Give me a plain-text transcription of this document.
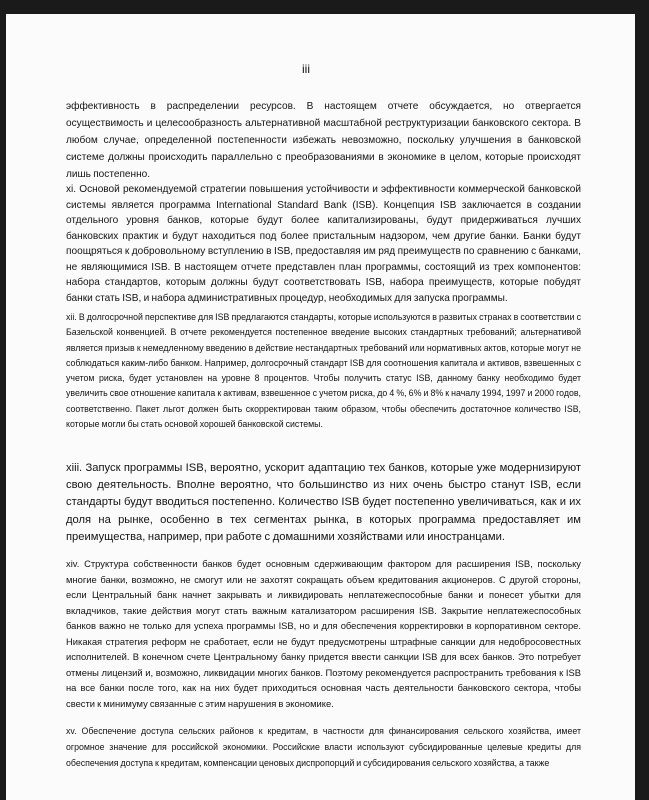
iii

эффективность в распределении ресурсов. В настоящем отчете обсуждается, но отвергается осуществимость и целесообразность альтернативной масштабной реструктуризации банковского сектора. В любом случае, определенной постепенности избежать невозможно, поскольку улучшения в банковской системе должны происходить параллельно с преобразованиями в экономике в целом, которые происходят лишь постепенно.

xi. Основой рекомендуемой стратегии повышения устойчивости и эффективности коммерческой банковской системы является программа International Standard Bank (ISB). Концепция ISB заключается в создании отдельного уровня банков, которые будут более капитализированы, будут придерживаться лучших банковских практик и будут находиться под более пристальным надзором, чем другие банки. Банки будут поощряться к добровольному вступлению в ISB, предоставляя им ряд преимуществ по сравнению с банками, не являющимися ISB. В настоящем отчете представлен план программы, состоящий из трех компонентов: набора стандартов, которым должны будут соответствовать ISB, набора преимуществ, которые побудят банки стать ISB, и набора административных процедур, необходимых для запуска программы.

xii. В долгосрочной перспективе для ISB предлагаются стандарты, которые используются в развитых странах в соответствии с Базельской конвенцией. В отчете рекомендуется постепенное введение высоких стандартных требований; альтернативой является призыв к немедленному введению в действие нестандартных требований или нормативных актов, которые могут не соблюдаться каким-либо банком. Например, долгосрочный стандарт ISB для соотношения капитала и активов, взвешенных с учетом риска, будет установлен на уровне 8 процентов. Чтобы получить статус ISB, данному банку необходимо будет увеличить свое отношение капитала к активам, взвешенное с учетом риска, до 4 %, 6% и 8% к началу 1994, 1997 и 2000 годов, соответственно. Пакет льгот должен быть скорректирован таким образом, чтобы обеспечить достаточное количество ISB, которые могли бы стать основой хорошей банковской системы.

xiii. Запуск программы ISB, вероятно, ускорит адаптацию тех банков, которые уже модернизируют свою деятельность. Вполне вероятно, что большинство из них очень быстро станут ISB, если стандарты будут вводиться постепенно. Количество ISB будет постепенно увеличиваться, как и их доля на рынке, особенно в тех сегментах рынка, в которых программа предоставляет им преимущества, например, при работе с домашними хозяйствами или иностранцами.

xiv. Структура собственности банков будет основным сдерживающим фактором для расширения ISB, поскольку многие банки, возможно, не смогут или не захотят сокращать объем кредитования акционеров. С другой стороны, если Центральный банк начнет закрывать и ликвидировать неплатежеспособные банки и понесет убытки для вкладчиков, такие действия могут стать важным катализатором расширения ISB. Закрытие неплатежеспособных банков важно не только для успеха программы ISB, но и для обеспечения корректировки в корпоративном секторе. Никакая стратегия реформ не сработает, если не будут предусмотрены штрафные санкции для недобросовестных исполнителей. В конечном счете Центральному банку придется ввести санкции ISB для всех банков. Это потребует отмены лицензий и, возможно, ликвидации многих банков. Поэтому рекомендуется распространить требования к ISB на все банки после того, как на них будет приходиться основная часть деятельности банковского сектора, чтобы свести к минимуму связанные с этим нарушения в экономике.

xv. Обеспечение доступа сельских районов к кредитам, в частности для финансирования сельского хозяйства, имеет огромное значение для российской экономики. Российские власти используют субсидированные целевые кредиты для обеспечения доступа к кредитам, компенсации ценовых диспропорций и субсидирования сельского хозяйства, а также
